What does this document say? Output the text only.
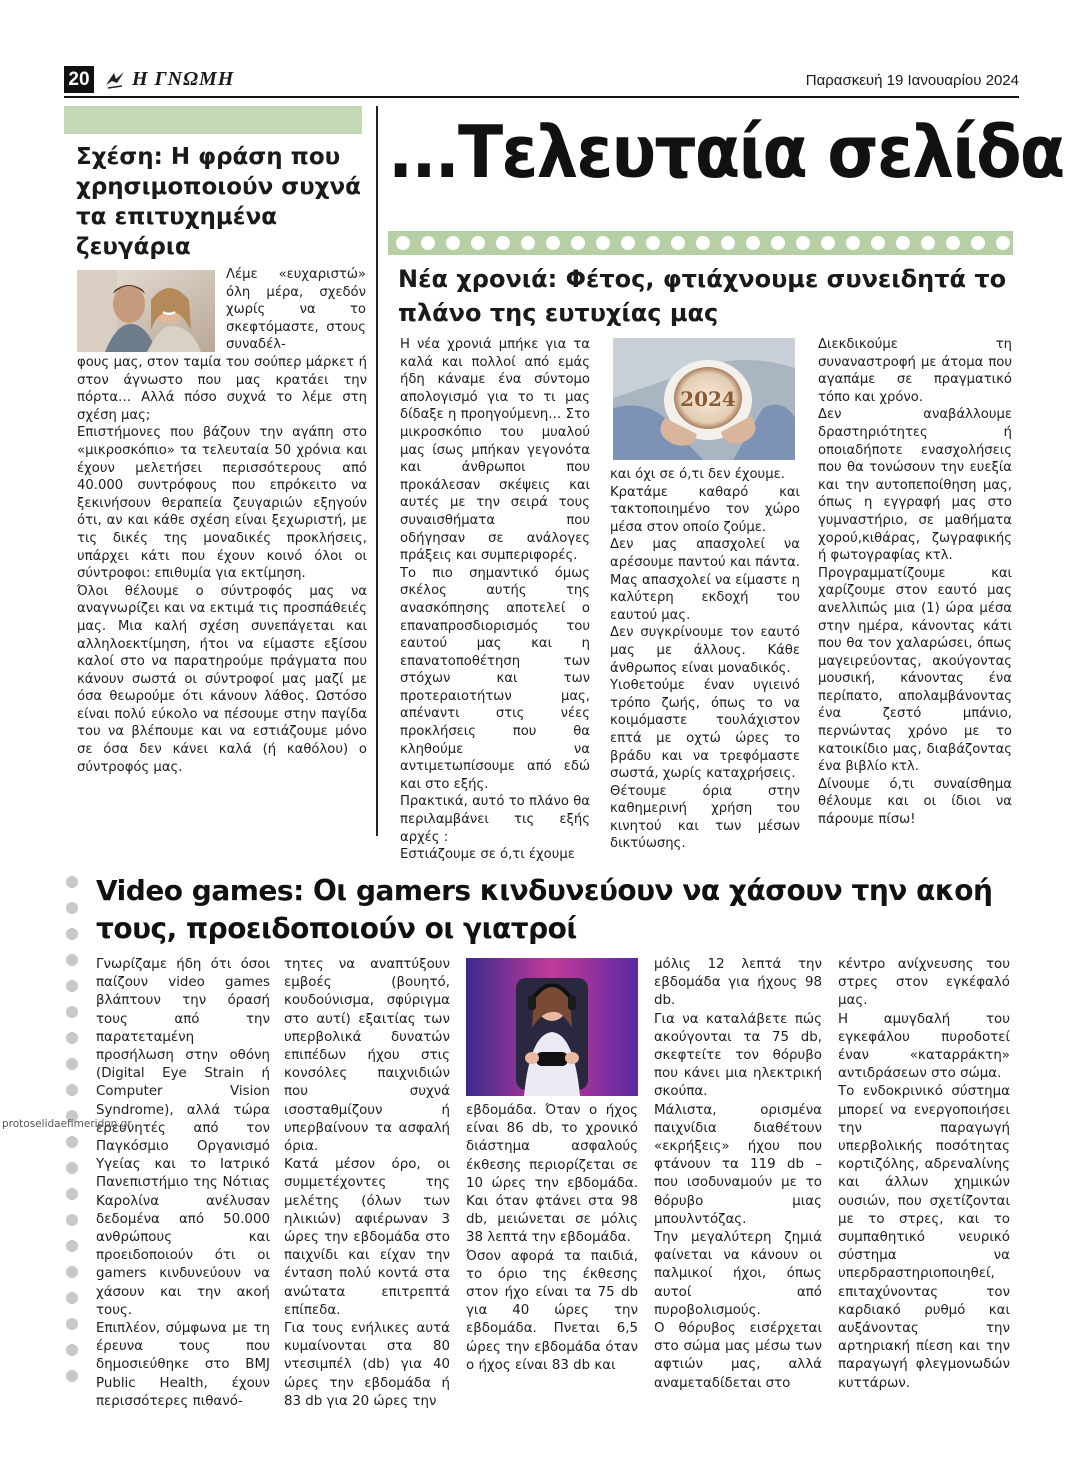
20 Η ΓΝΩΜΗ	Παρασκευή 19 Ιανουαρίου 2024
Σχέση: Η φράση που χρησιμοποιούν συχνά τα επιτυχημένα ζευγάρια
Λέμε «ευχαριστώ» όλη μέρα, σχεδόν χωρίς να το σκεφτόμαστε, στους συναδέλ-

φους μας, στον ταμία του σούπερ μάρκετ ή στον άγνωστο που μας κρατάει την πόρτα… Αλλά πόσο συχνά το λέμε στη σχέση μας;

Επιστήμονες που βάζουν την αγάπη στο «μικροσκόπιο» τα τελευταία 50 χρόνια και έχουν μελετήσει περισσότερους από 40.000 συντρόφους που επρόκειτο να ξεκινήσουν θεραπεία ζευγαριών εξηγούν ότι, αν και κάθε σχέση είναι ξεχωριστή, με τις δικές της μοναδικές προκλήσεις, υπάρχει κάτι που έχουν κοινό όλοι οι σύντροφοι: επιθυμία για εκτίμηση.

Όλοι θέλουμε ο σύντροφός μας να αναγνωρίζει και να εκτιμά τις προσπάθειές μας. Μια καλή σχέση συνεπάγεται και αλληλοεκτίμηση, ήτοι να είμαστε εξίσου καλοί στο να παρατηρούμε πράγματα που κάνουν σωστά οι σύντροφοί μας μαζί με όσα θεωρούμε ότι κάνουν λάθος. Ωστόσο είναι πολύ εύκολο να πέσουμε στην παγίδα του να βλέπουμε και να εστιάζουμε μόνο σε όσα δεν κάνει καλά (ή καθόλου) ο σύντροφός μας.

...Τελευταία σελίδα
Νέα χρονιά: Φέτος, φτιάχνουμε συνειδητά το πλάνο της ευτυχίας μας

Η νέα χρονιά μπήκε για τα καλά και πολλοί από εμάς ήδη κάναμε ένα σύντομο απολογισμό για το τι μας δίδαξε η προηγούμενη… Στο μικροσκόπιο του μυαλού μας ίσως μπήκαν γεγονότα και άνθρωποι που προκάλεσαν σκέψεις και αυτές με την σειρά τους συναισθήματα που οδήγησαν σε ανάλογες πράξεις και συμπεριφορές.

Το πιο σημαντικό όμως σκέλος αυτής της ανασκόπησης αποτελεί ο επαναπροσδιορισμός του εαυτού μας και η επανατοποθέτηση των στόχων και των προτεραιοτήτων μας, απέναντι στις νέες προκλήσεις που θα κληθούμε να αντιμετωπίσουμε από εδώ και στο εξής.

Πρακτικά, αυτό το πλάνο θα περιλαμβάνει τις εξής αρχές :

Εστιάζουμε σε ό,τι έχουμε

2024

και όχι σε ό,τι δεν έχουμε.

Κρατάμε καθαρό και τακτοποιημένο τον χώρο μέσα στον οποίο ζούμε.

Δεν μας απασχολεί να αρέσουμε παντού και πάντα. Μας απασχολεί να είμαστε η καλύτερη εκδοχή του εαυτού μας.

Δεν συγκρίνουμε τον εαυτό μας με άλλους. Κάθε άνθρωπος είναι μοναδικός.

Υιοθετούμε έναν υγιεινό τρόπο ζωής, όπως το να κοιμόμαστε τουλάχιστον επτά με οχτώ ώρες το βράδυ και να τρεφόμαστε σωστά, χωρίς καταχρήσεις.

Θέτουμε όρια στην καθημερινή χρήση του κινητού και των μέσων δικτύωσης.

Διεκδικούμε τη συναναστροφή με άτομα που αγαπάμε σε πραγματικό τόπο και χρόνο.

Δεν αναβάλλουμε δραστηριότητες ή οποιαδήποτε ενασχολήσεις που θα τονώσουν την ευεξία και την αυτοπεποίθηση μας, όπως η εγγραφή μας στο γυμναστήριο, σε μαθήματα χορού,κιθάρας, ζωγραφικής ή φωτογραφίας κτλ.

Προγραμματίζουμε και χαρίζουμε στον εαυτό μας ανελλιπώς μια (1) ώρα μέσα στην ημέρα, κάνοντας κάτι που θα τον χαλαρώσει, όπως μαγειρεύοντας, ακούγοντας μουσική, κάνοντας ένα περίπατο, απολαμβάνοντας ένα ζεστό μπάνιο, περνώντας χρόνο με το κατοικίδιο μας, διαβάζοντας ένα βιβλίο κτλ.

Δίνουμε ό,τι συναίσθημα θέλουμε και οι ίδιοι να πάρουμε πίσω!

Video games: Οι gamers κινδυνεύουν να χάσουν την ακοή τους, προειδοποιούν οι γιατροί

Γνωρίζαμε ήδη ότι όσοι παίζουν video games βλάπτουν την όρασή τους από την παρατεταμένη προσήλωση στην οθόνη (Digital Eye Strain ή Computer Vision Syndrome), αλλά τώρα ερευνητές από τον Παγκόσμιο Οργανισμό Υγείας και το Ιατρικό Πανεπιστήμιο της Νότιας Καρολίνα ανέλυσαν δεδομένα από 50.000 ανθρώπους και προειδοποιούν ότι οι gamers κινδυνεύουν να χάσουν και την ακοή τους.

Επιπλέον, σύμφωνα με τη έρευνα τους που δημοσιεύθηκε στο BMJ Public Health, έχουν περισσότερες πιθανό-

τητες να αναπτύξουν εμβοές (βουητό, κουδούνισμα, σφύριγμα στο αυτί) εξαιτίας των υπερβολικά δυνατών επιπέδων ήχου στις κονσόλες παιχνιδιών που συχνά ισοσταθμίζουν ή υπερβαίνουν τα ασφαλή όρια.

Κατά μέσον όρο, οι συμμετέχοντες της μελέτης (όλων των ηλικιών) αφιέρωναν 3 ώρες την εβδομάδα στο παιχνίδι και είχαν την ένταση πολύ κοντά στα ανώτατα επιτρεπτά επίπεδα.

Για τους ενήλικες αυτά κυμαίνονται στα 80 ντεσιμπέλ (db) για 40 ώρες την εβδομάδα ή 83 db για 20 ώρες την

εβδομάδα. Όταν ο ήχος είναι 86 db, το χρονικό διάστημα ασφαλούς έκθεσης περιορίζεται σε 10 ώρες την εβδομάδα. Και όταν φτάνει στα 98 db, μειώνεται σε μόλις 38 λεπτά την εβδομάδα.

Όσον αφορά τα παιδιά, το όριο της έκθεσης στον ήχο είναι τα 75 db για 40 ώρες την εβδομάδα. Πνεται 6,5 ώρες την εβδομάδα όταν ο ήχος είναι 83 db και

μόλις 12 λεπτά την εβδομάδα για ήχους 98 db.

Για να καταλάβετε πώς ακούγονται τα 75 db, σκεφτείτε τον θόρυβο που κάνει μια ηλεκτρική σκούπα.

Μάλιστα, ορισμένα παιχνίδια διαθέτουν «εκρήξεις» ήχου που φτάνουν τα 119 db – που ισοδυναμούν με το θόρυβο μιας μπουλντόζας.

Την μεγαλύτερη ζημιά φαίνεται να κάνουν οι παλμικοί ήχοι, όπως αυτοί από πυροβολισμούς.

Ο θόρυβος εισέρχεται στο σώμα μας μέσω των αφτιών μας, αλλά αναμεταδίδεται στο

κέντρο ανίχνευσης του στρες στον εγκέφαλό μας.

Η αμυγδαλή του εγκεφάλου πυροδοτεί έναν «καταρράκτη» αντιδράσεων στο σώμα.

Το ενδοκρινικό σύστημα μπορεί να ενεργοποιήσει την παραγωγή υπερβολικής ποσότητας κορτιζόλης, αδρεναλίνης και άλλων χημικών ουσιών, που σχετίζονται με το στρες, και το συμπαθητικό νευρικό σύστημα να υπερδραστηριοποιηθεί, επιταχύνοντας τον καρδιακό ρυθμό και αυξάνοντας την αρτηριακή πίεση και την παραγωγή φλεγμονωδών κυττάρων.

protoselidaefimeridon.gr
